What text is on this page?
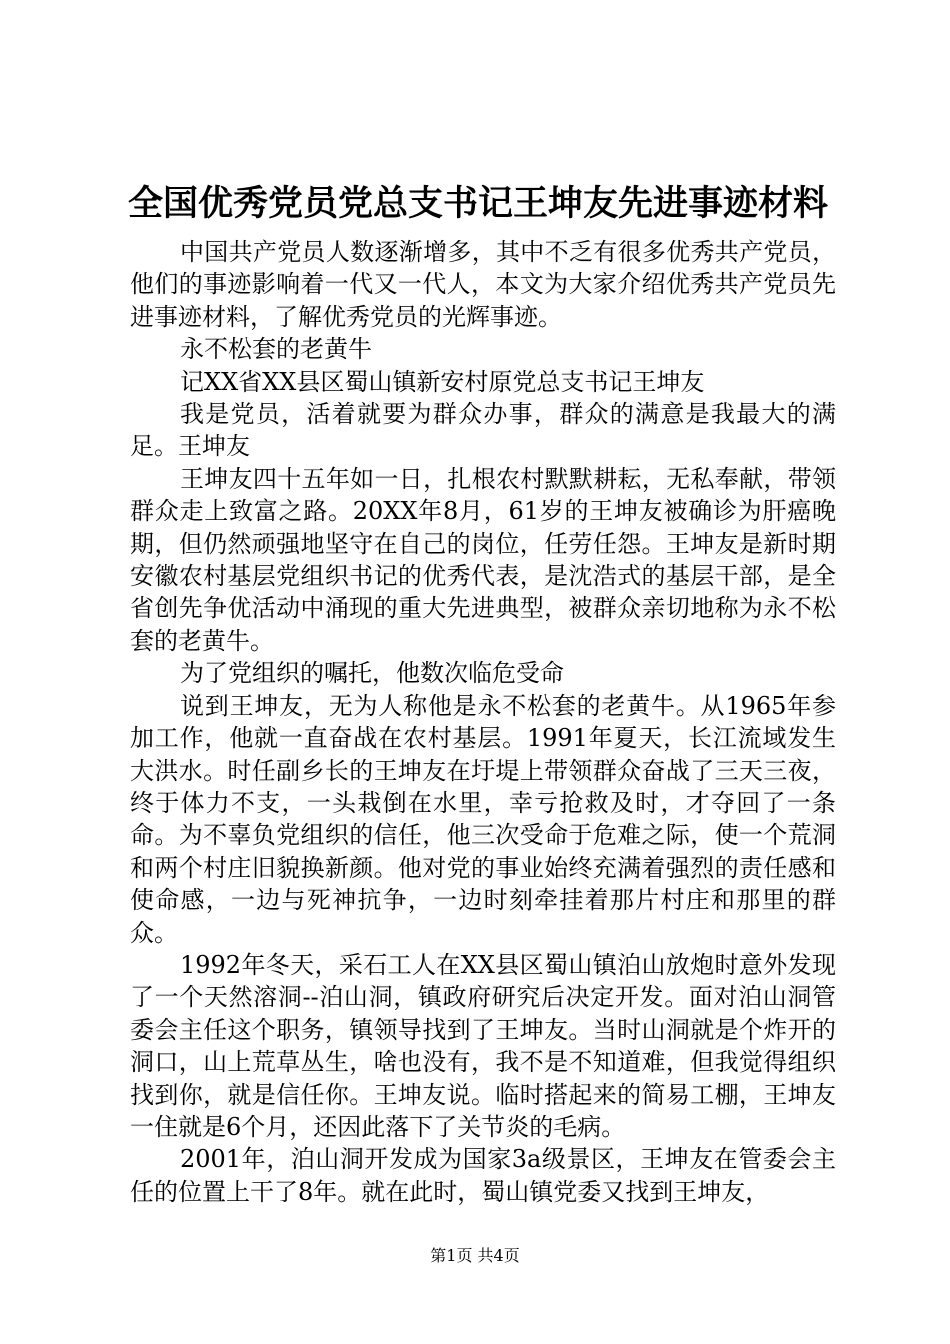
全国优秀党员党总支书记王坤友先进事迹材料

中国共产党员人数逐渐增多，其中不乏有很多优秀共产党员，他们的事迹影响着一代又一代人，本文为大家介绍优秀共产党员先进事迹材料，了解优秀党员的光辉事迹。

永不松套的老黄牛

记XX省XX县区蜀山镇新安村原党总支书记王坤友

我是党员，活着就要为群众办事，群众的满意是我最大的满足。王坤友

王坤友四十五年如一日，扎根农村默默耕耘，无私奉献，带领群众走上致富之路。20XX年8月，61岁的王坤友被确诊为肝癌晚期，但仍然顽强地坚守在自己的岗位，任劳任怨。王坤友是新时期安徽农村基层党组织书记的优秀代表，是沈浩式的基层干部，是全省创先争优活动中涌现的重大先进典型，被群众亲切地称为永不松套的老黄牛。

为了党组织的嘱托，他数次临危受命

说到王坤友，无为人称他是永不松套的老黄牛。从1965年参加工作，他就一直奋战在农村基层。1991年夏天，长江流域发生大洪水。时任副乡长的王坤友在圩堤上带领群众奋战了三天三夜，终于体力不支，一头栽倒在水里，幸亏抢救及时，才夺回了一条命。为不辜负党组织的信任，他三次受命于危难之际，使一个荒洞和两个村庄旧貌换新颜。他对党的事业始终充满着强烈的责任感和使命感，一边与死神抗争，一边时刻牵挂着那片村庄和那里的群众。

1992年冬天，采石工人在XX县区蜀山镇泊山放炮时意外发现了一个天然溶洞--泊山洞，镇政府研究后决定开发。面对泊山洞管委会主任这个职务，镇领导找到了王坤友。当时山洞就是个炸开的洞口，山上荒草丛生，啥也没有，我不是不知道难，但我觉得组织找到你，就是信任你。王坤友说。临时搭起来的简易工棚，王坤友一住就是6个月，还因此落下了关节炎的毛病。

2001年，泊山洞开发成为国家3a级景区，王坤友在管委会主任的位置上干了8年。就在此时，蜀山镇党委又找到王坤友，

第1页 共4页
